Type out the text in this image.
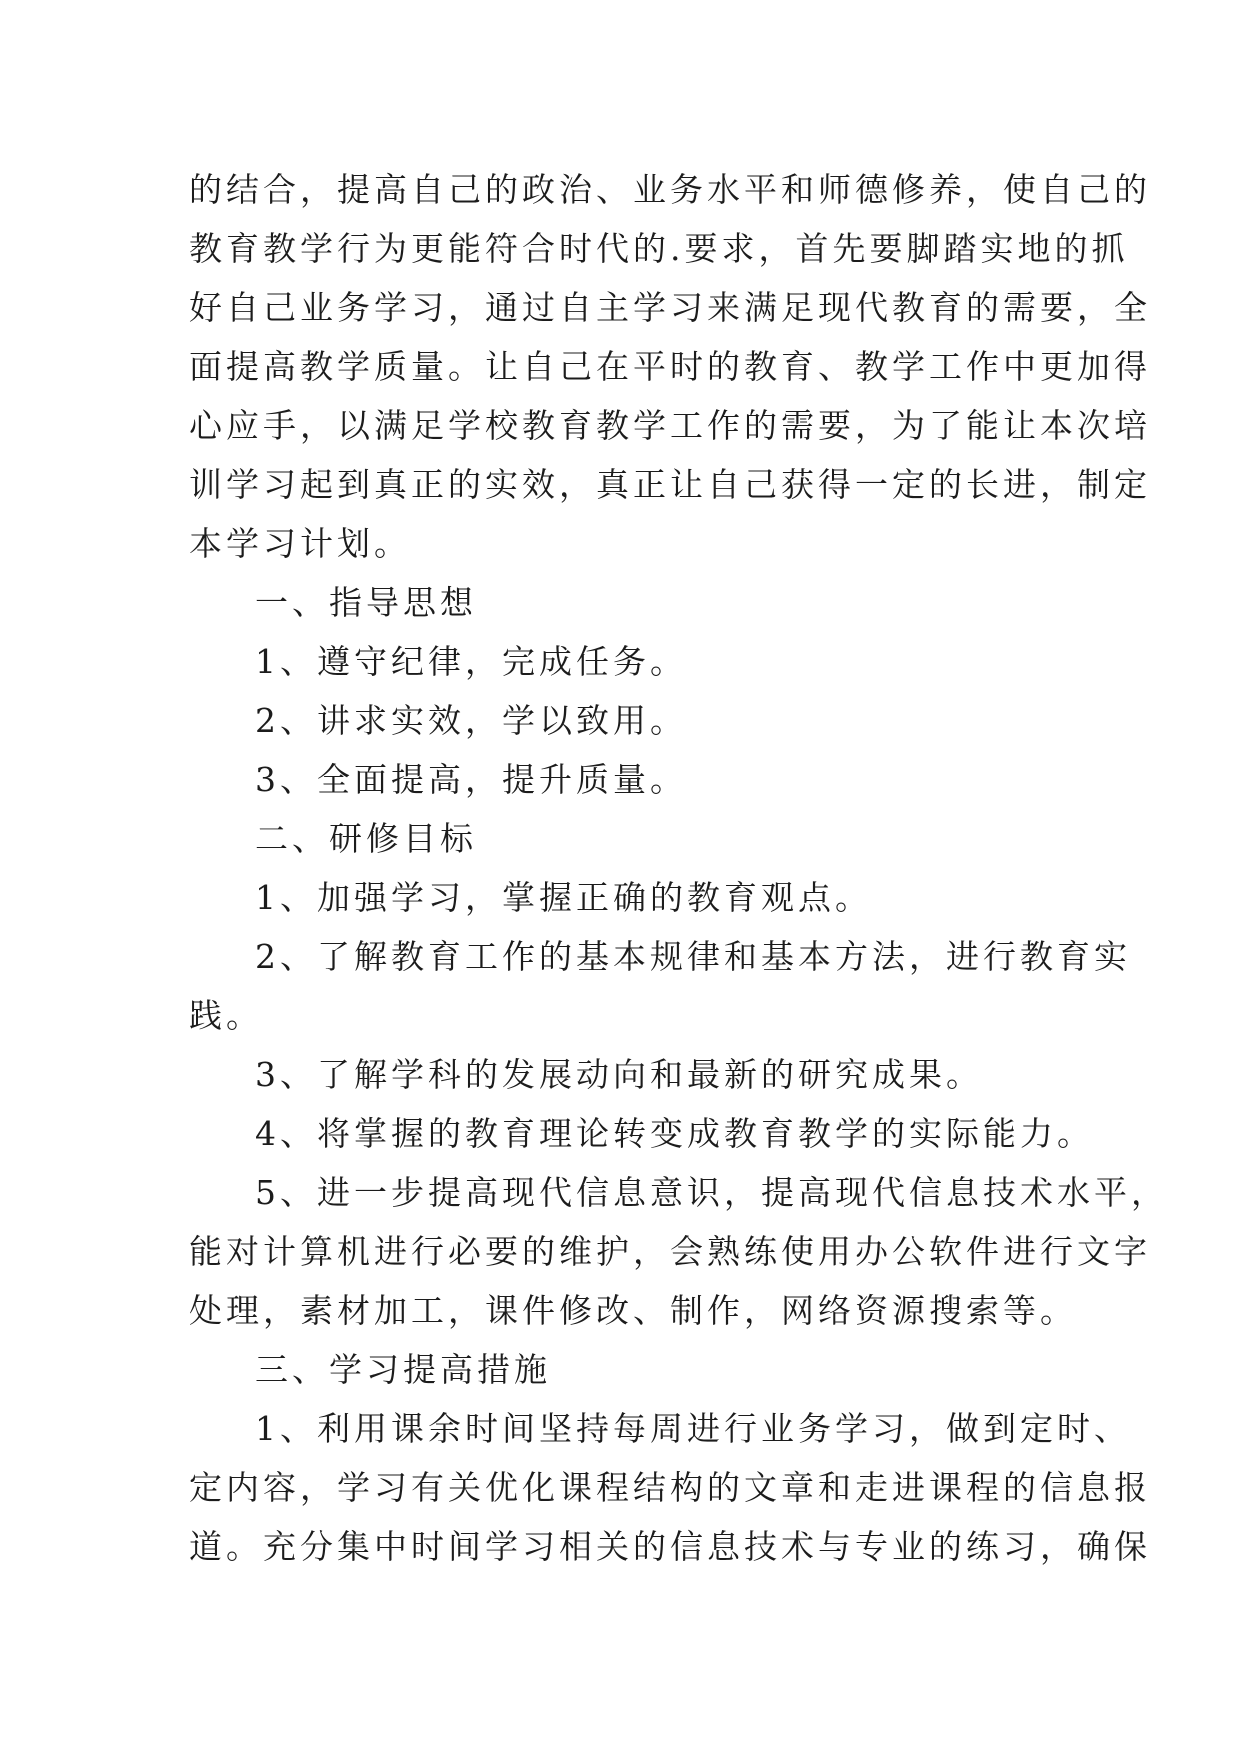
的结合，提高自己的政治、业务水平和师德修养，使自己的
教育教学行为更能符合时代的.要求，首先要脚踏实地的抓
好自己业务学习，通过自主学习来满足现代教育的需要，全
面提高教学质量。让自己在平时的教育、教学工作中更加得
心应手，以满足学校教育教学工作的需要，为了能让本次培
训学习起到真正的实效，真正让自己获得一定的长进，制定
本学习计划。
一、指导思想
1、遵守纪律，完成任务。
2、讲求实效，学以致用。
3、全面提高，提升质量。
二、研修目标
1、加强学习，掌握正确的教育观点。
2、了解教育工作的基本规律和基本方法，进行教育实
践。
3、了解学科的发展动向和最新的研究成果。
4、将掌握的教育理论转变成教育教学的实际能力。
5、进一步提高现代信息意识，提高现代信息技术水平，
能对计算机进行必要的维护，会熟练使用办公软件进行文字
处理，素材加工，课件修改、制作，网络资源搜索等。
三、学习提高措施
1、利用课余时间坚持每周进行业务学习，做到定时、
定内容，学习有关优化课程结构的文章和走进课程的信息报
道。充分集中时间学习相关的信息技术与专业的练习，确保
